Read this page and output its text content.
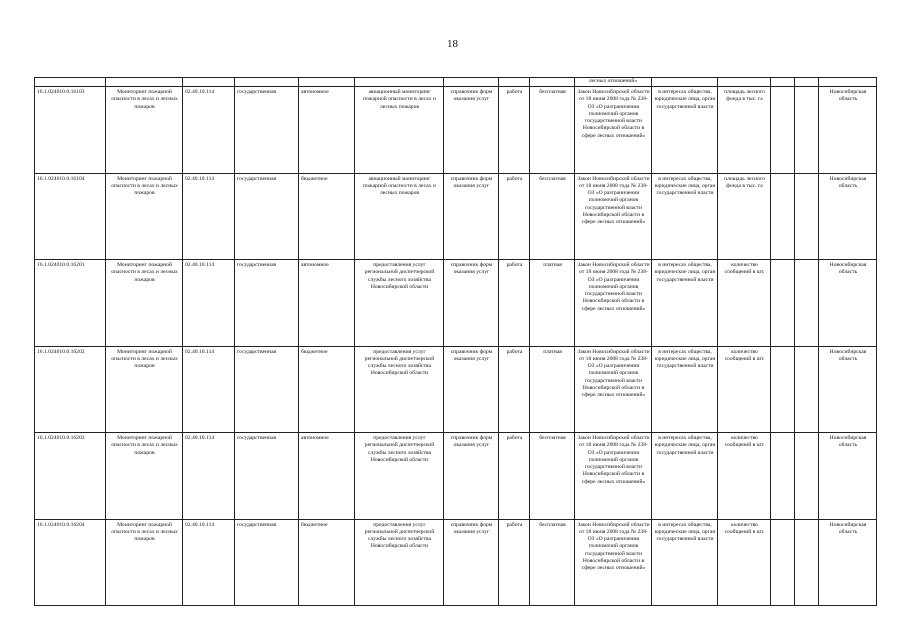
18
									лесных отношений»					
16.1.024010.0.16103	Мониторинг пожарной опасности в лесах и лесных пожаров	02.40.10.114	государственная	автономное	авиационный мониторинг пожарной опасности в лесах и лесных пожаров	справочник форм оказания услуг	работа	бесплатная	Закон Новосибирской области от 18 июня 2008 года № 238-ОЗ «О разграничении полномочий органов государственной власти Новосибирской области в сфере лесных отношений»	в интересах общества, юридические лица, орган государственной власти	площадь лесного фонда в тыс. га			Новосибирская область
16.1.024010.0.16104	Мониторинг пожарной опасности в лесах и лесных пожаров	02.40.10.114	государственная	бюджетное	авиационный мониторинг пожарной опасности в лесах и лесных пожаров	справочник форм оказания услуг	работа	бесплатная	Закон Новосибирской области от 18 июня 2008 года № 238-ОЗ «О разграничении полномочий органов государственной власти Новосибирской области в сфере лесных отношений»	в интересах общества, юридические лица, орган государственной власти	площадь лесного фонда в тыс. га			Новосибирская область
16.1.024010.0.16201	Мониторинг пожарной опасности в лесах и лесных пожаров	02.40.10.114	государственная	автономное	предоставления услуг региональной диспетчерской службы лесного хозяйства Новосибирской области	справочник форм оказания услуг	работа	платная	Закон Новосибирской области от 18 июня 2008 года № 238-ОЗ «О разграничении полномочий органов государственной власти Новосибирской области в сфере лесных отношений»	в интересах общества, юридические лица, орган государственной власти	количество сообщений в шт.			Новосибирская область
16.1.024010.0.16202	Мониторинг пожарной опасности в лесах и лесных пожаров	02.40.10.114	государственная	бюджетное	предоставления услуг региональной диспетчерской службы лесного хозяйства Новосибирской области	справочник форм оказания услуг	работа	платная	Закон Новосибирской области от 18 июня 2008 года № 238-ОЗ «О разграничении полномочий органов государственной власти Новосибирской области в сфере лесных отношений»	в интересах общества, юридические лица, орган государственной власти	количество сообщений в шт.			Новосибирская область
16.1.024010.0.16203	Мониторинг пожарной опасности в лесах и лесных пожаров	02.40.10.114	государственная	автономное	предоставления услуг региональной диспетчерской службы лесного хозяйства Новосибирской области	справочник форм оказания услуг	работа	бесплатная	Закон Новосибирской области от 18 июня 2008 года № 238-ОЗ «О разграничении полномочий органов государственной власти Новосибирской области в сфере лесных отношений»	в интересах общества, юридические лица, орган государственной власти	количество сообщений в шт.			Новосибирская область
16.1.024010.0.16204	Мониторинг пожарной опасности в лесах и лесных пожаров	02.40.10.114	государственная	бюджетное	предоставления услуг региональной диспетчерской службы лесного хозяйства Новосибирской области	справочник форм оказания услуг	работа	бесплатная	Закон Новосибирской области от 18 июня 2008 года № 238-ОЗ «О разграничении полномочий органов государственной власти Новосибирской области в сфере лесных отношений»	в интересах общества, юридические лица, орган государственной власти	количество сообщений в шт.			Новосибирская область
